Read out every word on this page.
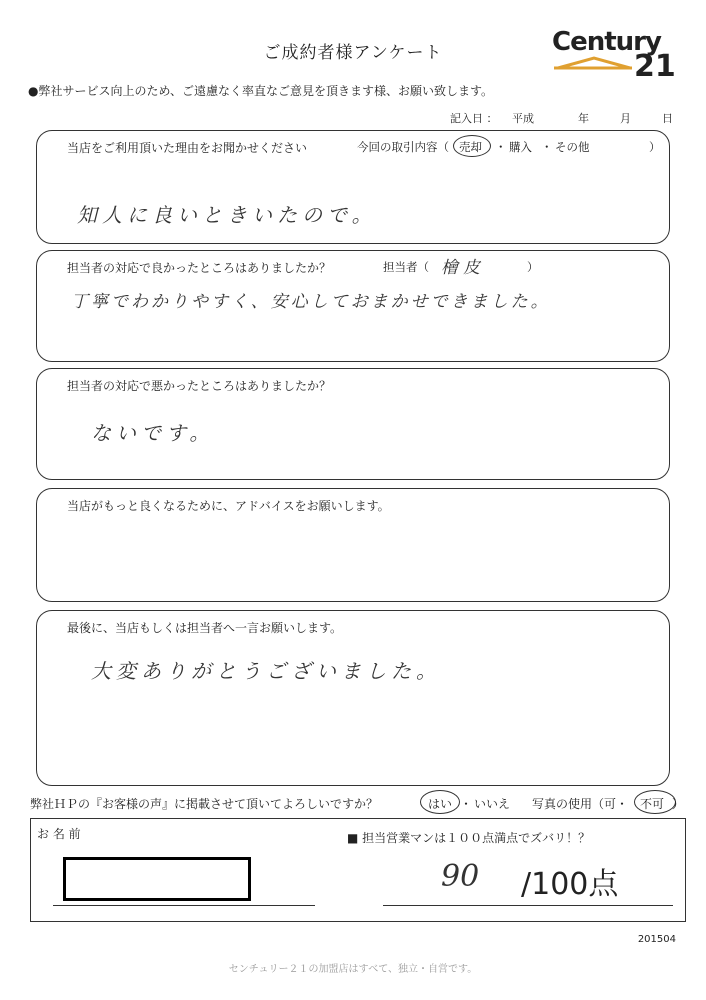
ご成約者様アンケート	Century
21
●弊社サービス向上のため、ご遠慮なく率直なご意見を頂きます様、お願い致します。
記入日 ： 平成	年	月	日
当店をご利用頂いた理由をお聞かせください	今回の取引内容（ 売却 ・ 購入 ・ その他	）
知人に良いときいたので。
担当者の対応で良かったところはありましたか？	担当者（ 檜皮	）
丁寧でわかりやすく、安心しておまかせできました。
担当者の対応で悪かったところはありましたか？
ないです。
当店がもっと良くなるために、アドバイスをお願いします。
最後に、当店もしくは担当者へ一言お願いします。
大変ありがとうございました。
弊社ＨＰの『お客様の声』に掲載させて頂いてよろしいですか？	はい ・ いいえ 写真の使用（可・ 不可 ）
お 名 前	■ 担当営業マンは１００点満点でズバリ！？
90 /100点
201504
センチュリー２１の加盟店はすべて、独立・自営です。
